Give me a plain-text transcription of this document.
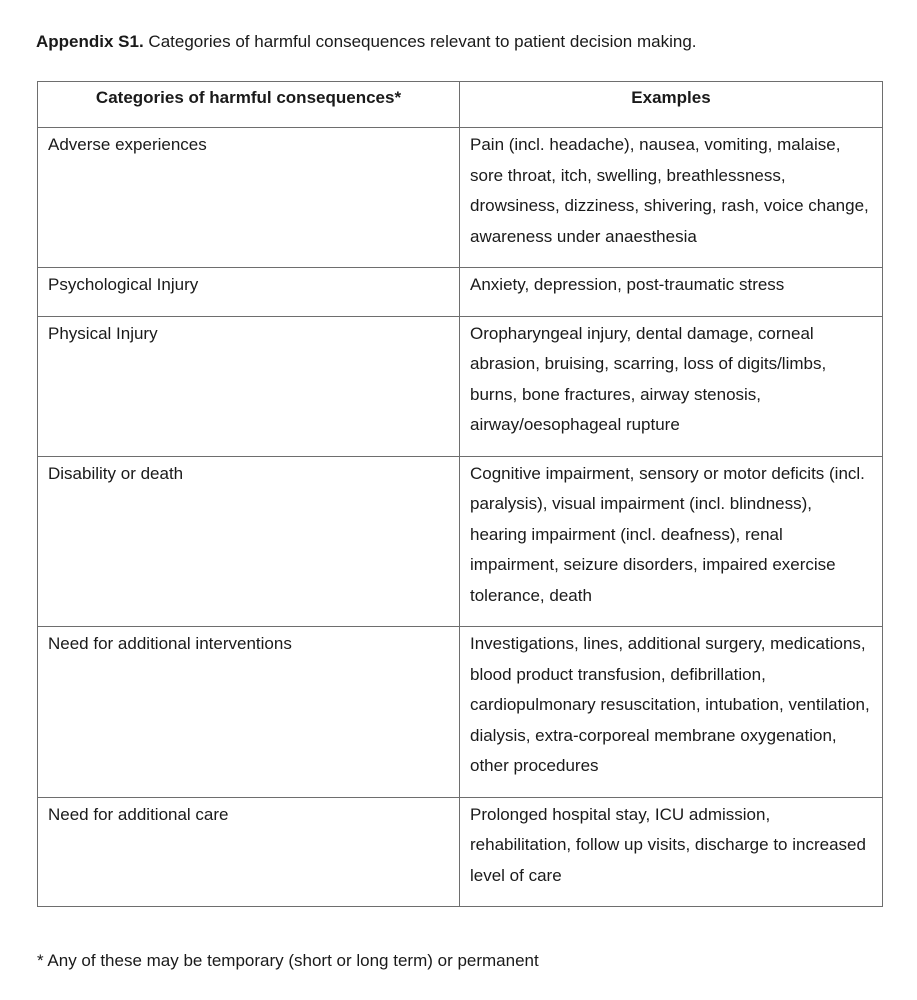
Appendix S1. Categories of harmful consequences relevant to patient decision making.
Categories of harmful consequences*	Examples
Adverse experiences	Pain (incl. headache), nausea, vomiting, malaise, sore throat, itch, swelling, breathlessness, drowsiness, dizziness, shivering, rash, voice change, awareness under anaesthesia
Psychological Injury	Anxiety, depression, post-traumatic stress
Physical Injury	Oropharyngeal injury, dental damage, corneal abrasion, bruising, scarring, loss of digits/limbs, burns, bone fractures, airway stenosis, airway/oesophageal rupture
Disability or death	Cognitive impairment, sensory or motor deficits (incl. paralysis), visual impairment (incl. blindness), hearing impairment (incl. deafness), renal impairment, seizure disorders, impaired exercise tolerance, death
Need for additional interventions	Investigations, lines, additional surgery, medications, blood product transfusion, defibrillation, cardiopulmonary resuscitation, intubation, ventilation, dialysis, extra-corporeal membrane oxygenation, other procedures
Need for additional care	Prolonged hospital stay, ICU admission, rehabilitation, follow up visits, discharge to increased level of care
* Any of these may be temporary (short or long term) or permanent
